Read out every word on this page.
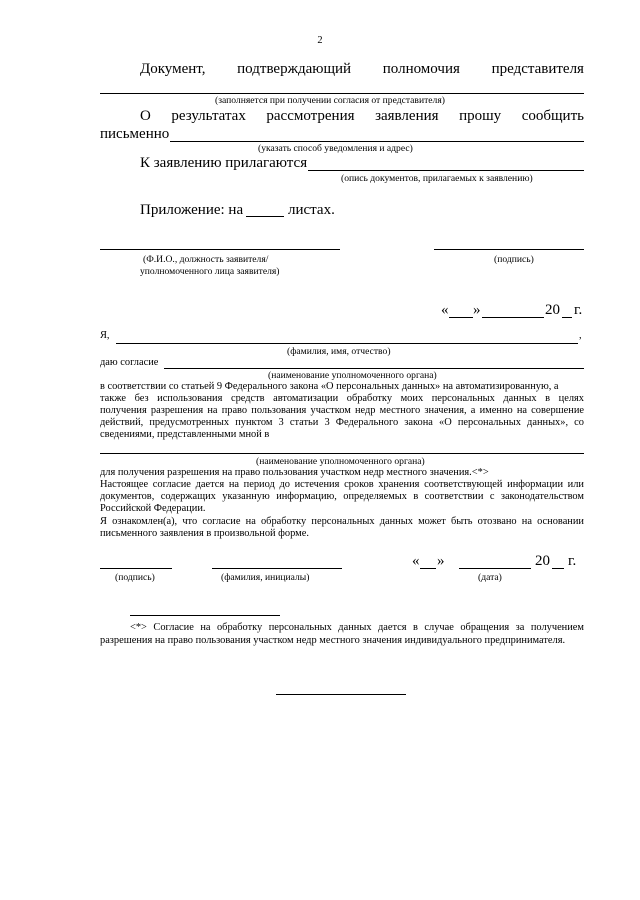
2
Документ, подтверждающий полномочия представителя
(заполняется при получении согласия от представителя)
О результатах рассмотрения заявления прошу сообщить
письменно
(указать способ уведомления и адрес)
К заявлению прилагаются
(опись документов, прилагаемых к заявлению)
Приложение: на	листах.
(Ф.И.О., должность заявителя/
уполномоченного лица заявителя)
(подпись)
« »	20 г.
Я,	,
(фамилия, имя, отчество)
даю согласие
(наименование уполномоченного органа)
в соответствии со статьей 9 Федерального закона «О персональных данных» на автоматизированную, а
также без использования средств автоматизации обработку моих персональных данных в целях
получения разрешения на право пользования участком недр местного значения, а именно на совершение
действий, предусмотренных пунктом 3 статьи 3 Федерального закона «О персональных данных», со
сведениями, представленными мной в
(наименование уполномоченного органа)
для получения разрешения на право пользования участком недр местного значения.<*>
Настоящее согласие дается на период до истечения сроков хранения соответствующей информации или
документов, содержащих указанную информацию, определяемых в соответствии с законодательством
Российской Федерации.
Я ознакомлен(а), что согласие на обработку персональных данных может быть отозвано на основании
письменного заявления в произвольной форме.
« »	20 г.
(подпись)	(фамилия, инициалы)	(дата)
<*> Согласие на обработку персональных данных дается в случае обращения за получением
разрешения на право пользования участком недр местного значения индивидуального предпринимателя.
